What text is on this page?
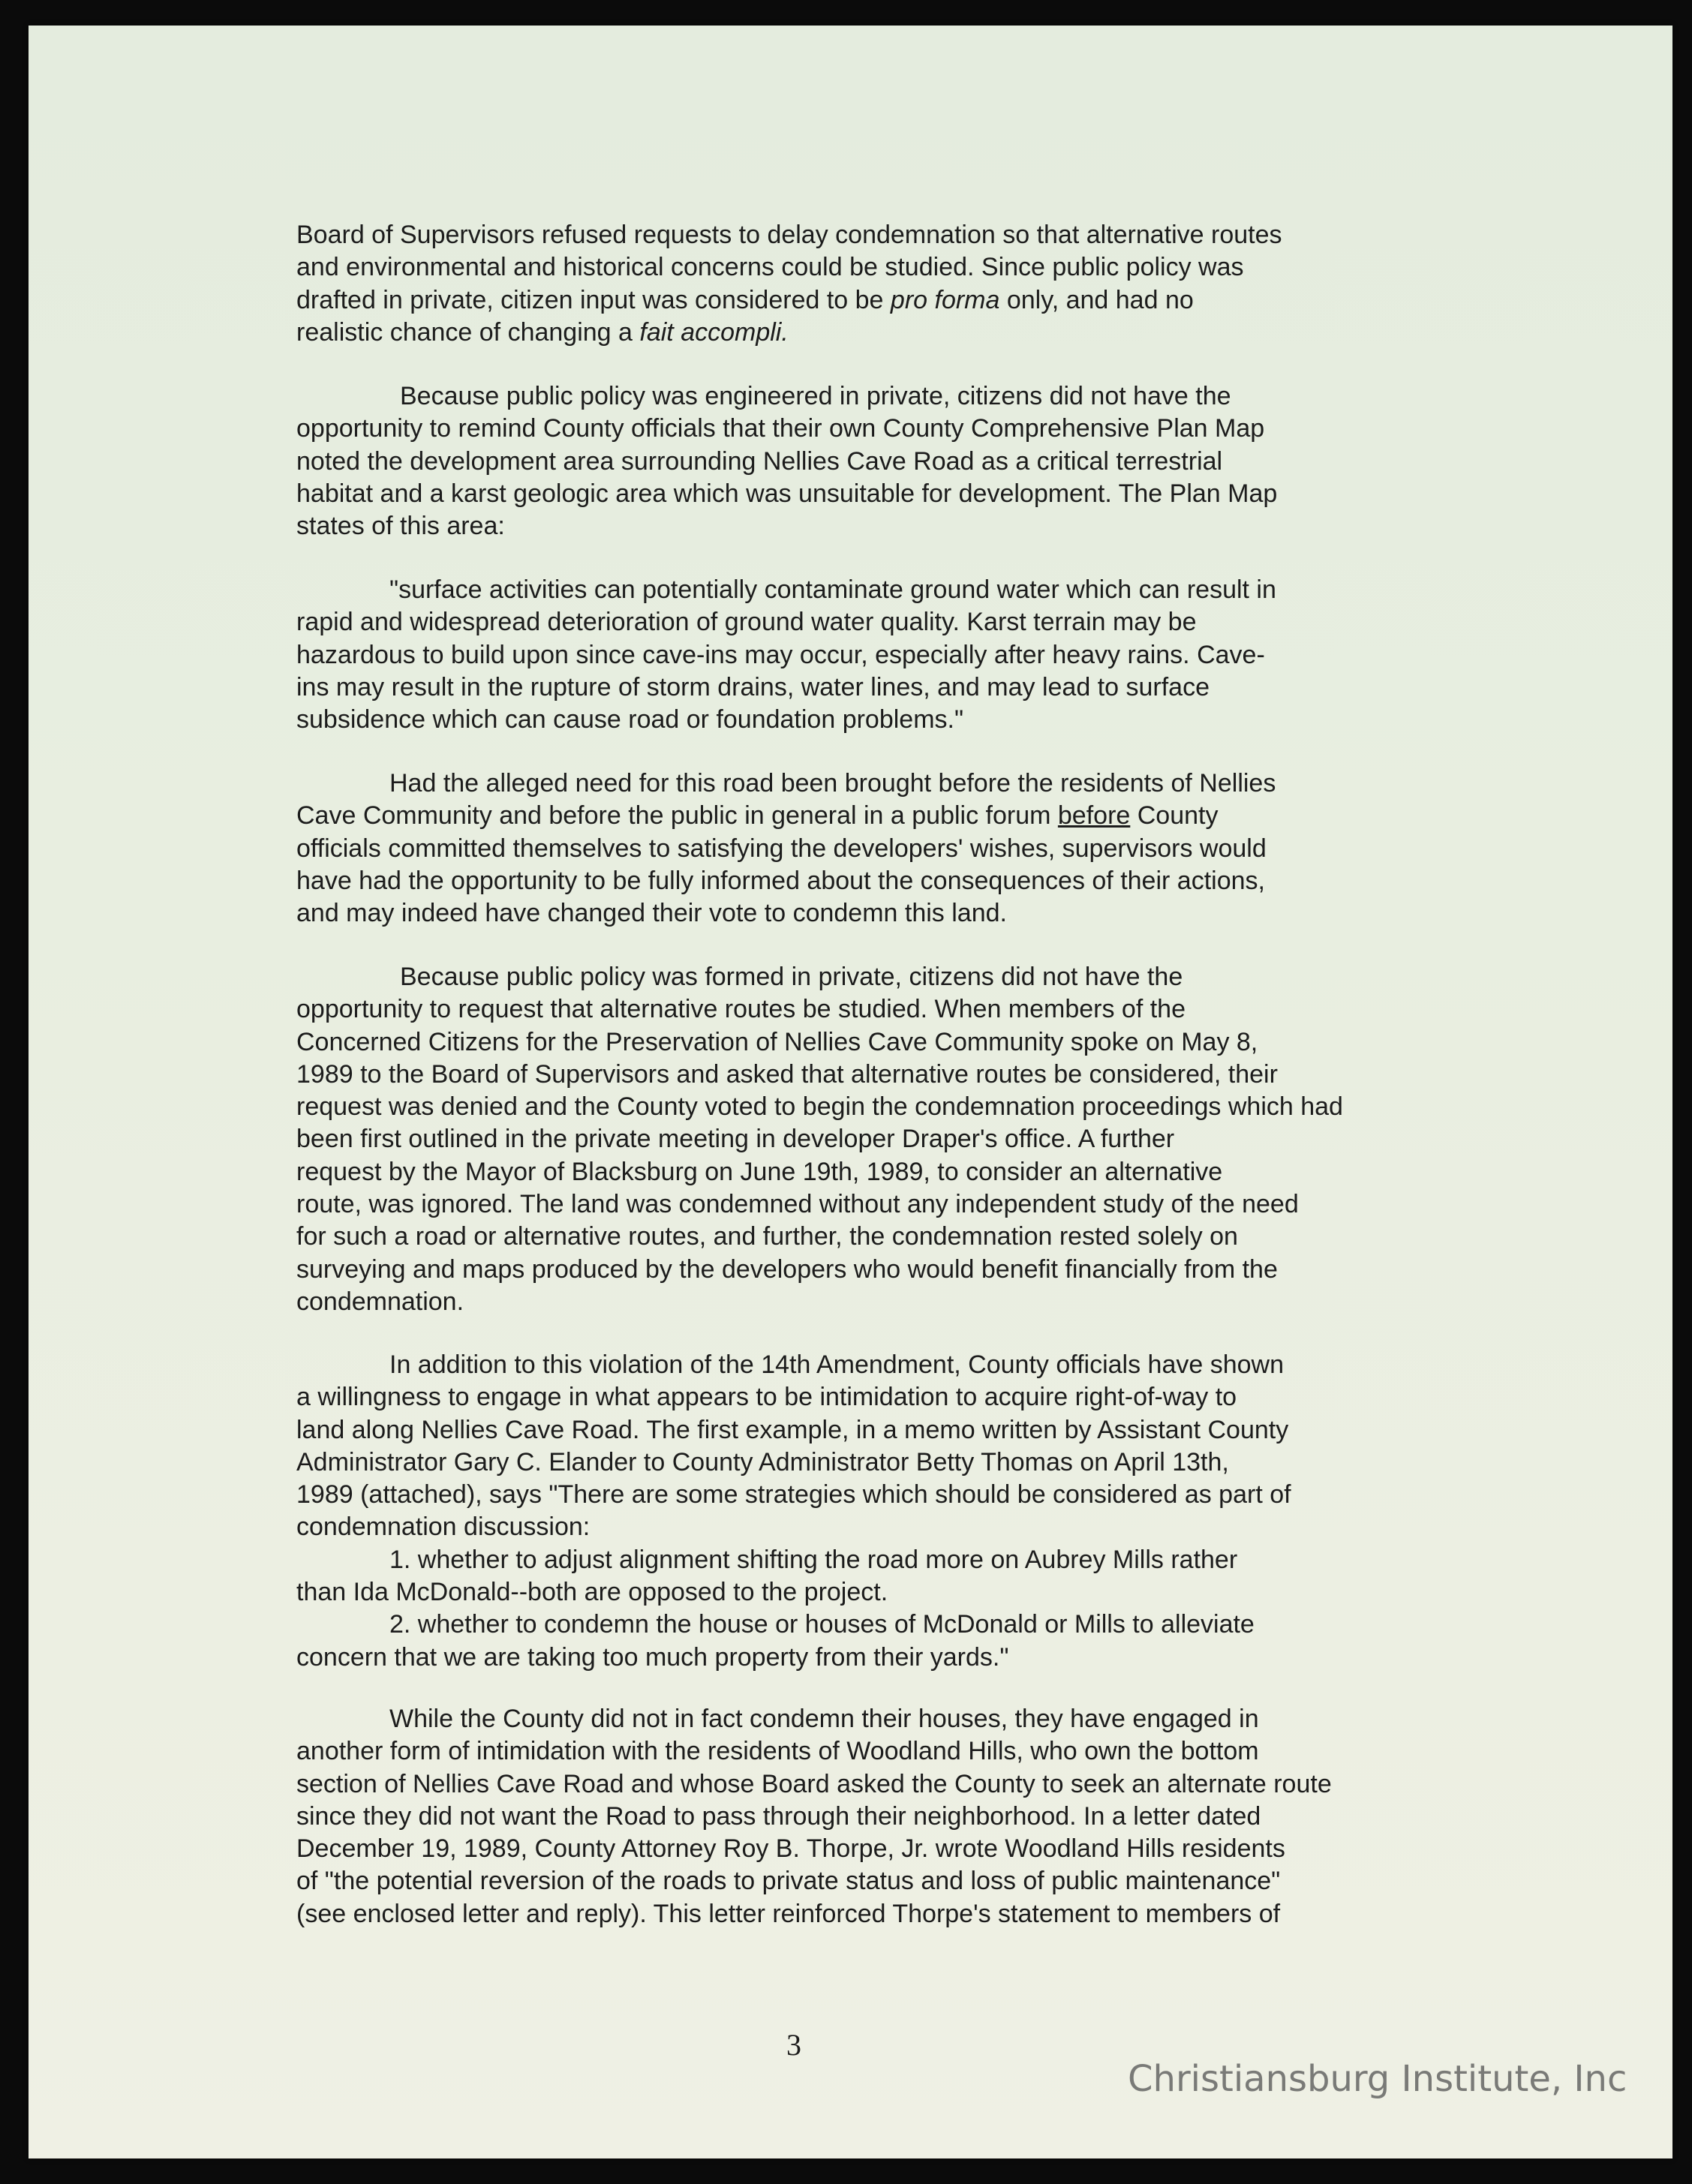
Board of Supervisors refused requests to delay condemnation so that alternative routes
and environmental and historical concerns could be studied. Since public policy was
drafted in private, citizen input was considered to be pro forma only, and had no
realistic chance of changing a fait accompli.

Because public policy was engineered in private, citizens did not have the
opportunity to remind County officials that their own County Comprehensive Plan Map
noted the development area surrounding Nellies Cave Road as a critical terrestrial
habitat and a karst geologic area which was unsuitable for development. The Plan Map
states of this area:

"surface activities can potentially contaminate ground water which can result in
rapid and widespread deterioration of ground water quality. Karst terrain may be
hazardous to build upon since cave-ins may occur, especially after heavy rains. Cave-
ins may result in the rupture of storm drains, water lines, and may lead to surface
subsidence which can cause road or foundation problems."

Had the alleged need for this road been brought before the residents of Nellies
Cave Community and before the public in general in a public forum before County
officials committed themselves to satisfying the developers' wishes, supervisors would
have had the opportunity to be fully informed about the consequences of their actions,
and may indeed have changed their vote to condemn this land.

Because public policy was formed in private, citizens did not have the
opportunity to request that alternative routes be studied. When members of the
Concerned Citizens for the Preservation of Nellies Cave Community spoke on May 8,
1989 to the Board of Supervisors and asked that alternative routes be considered, their
request was denied and the County voted to begin the condemnation proceedings which had
been first outlined in the private meeting in developer Draper's office. A further
request by the Mayor of Blacksburg on June 19th, 1989, to consider an alternative
route, was ignored. The land was condemned without any independent study of the need
for such a road or alternative routes, and further, the condemnation rested solely on
surveying and maps produced by the developers who would benefit financially from the
condemnation.

In addition to this violation of the 14th Amendment, County officials have shown
a willingness to engage in what appears to be intimidation to acquire right-of-way to
land along Nellies Cave Road. The first example, in a memo written by Assistant County
Administrator Gary C. Elander to County Administrator Betty Thomas on April 13th,
1989 (attached), says "There are some strategies which should be considered as part of
condemnation discussion:
1. whether to adjust alignment shifting the road more on Aubrey Mills rather
than Ida McDonald--both are opposed to the project.
2. whether to condemn the house or houses of McDonald or Mills to alleviate
concern that we are taking too much property from their yards."

While the County did not in fact condemn their houses, they have engaged in
another form of intimidation with the residents of Woodland Hills, who own the bottom
section of Nellies Cave Road and whose Board asked the County to seek an alternate route
since they did not want the Road to pass through their neighborhood. In a letter dated
December 19, 1989, County Attorney Roy B. Thorpe, Jr. wrote Woodland Hills residents
of "the potential reversion of the roads to private status and loss of public maintenance"
(see enclosed letter and reply). This letter reinforced Thorpe's statement to members of

3
Christiansburg Institute, Inc
